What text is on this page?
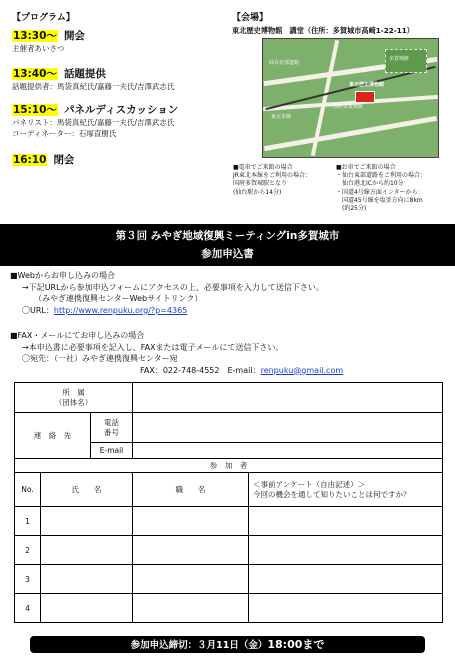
【プログラム】
13:30～ 開会
主催者あいさつ
13:40～ 話題提供
話題提供者：馬袋真紀氏/嘉藤一夫氏/吉澤武志氏
15:10～ パネルディスカッション
パネリスト：馬袋真紀氏/嘉藤一夫氏/吉澤武志氏
コーディネーター：石塚直樹氏
16:10 閉会
【会場】
東北歴史博物館　講堂（住所：多賀城市高崎1-22-11）
国府多賀城駅
東北歴史博物館
多賀城跡
仙台北部道路
東北本線
■電車でご来館の場合
JR東北本線をご利用の場合：
国府多賀城駅となり
(仙台駅から14分)
■お車でご来館の場合
・仙台東部道路をご利用の場合：
　仙台港北ICから約10分
・国道4号線方面インターから：
　国道45号線を塩釜方向に8km
　(約25分)
第３回 みやぎ地域復興ミーティングin多賀城市
参加申込書
■Webからお申し込みの場合
→下記URLから参加申込フォームにアクセスの上、必要事項を入力して送信下さい。
（みやぎ連携復興センターWebサイトリンク）
〇URL：http://www.renpuku.org/?p=4365
■FAX・メールにてお申し込みの場合
→本申込書に必要事項を記入し、FAXまたは電子メールにて送信下さい。
〇宛先：（一社）みやぎ連携復興センター宛
FAX：022-748-4552　E-mail：renpuku@gmail.com
所　属
（団体名）				
連　絡　先		電話
番号		
		E-mail		
参　加　者				
No.	氏　　名		職　　名	＜事前アンケート（自由記述）＞
今回の機会を通して知りたいことは何ですか？
1				
2				
3				
4				
参加申込締切：３月11日（金）18:00まで
